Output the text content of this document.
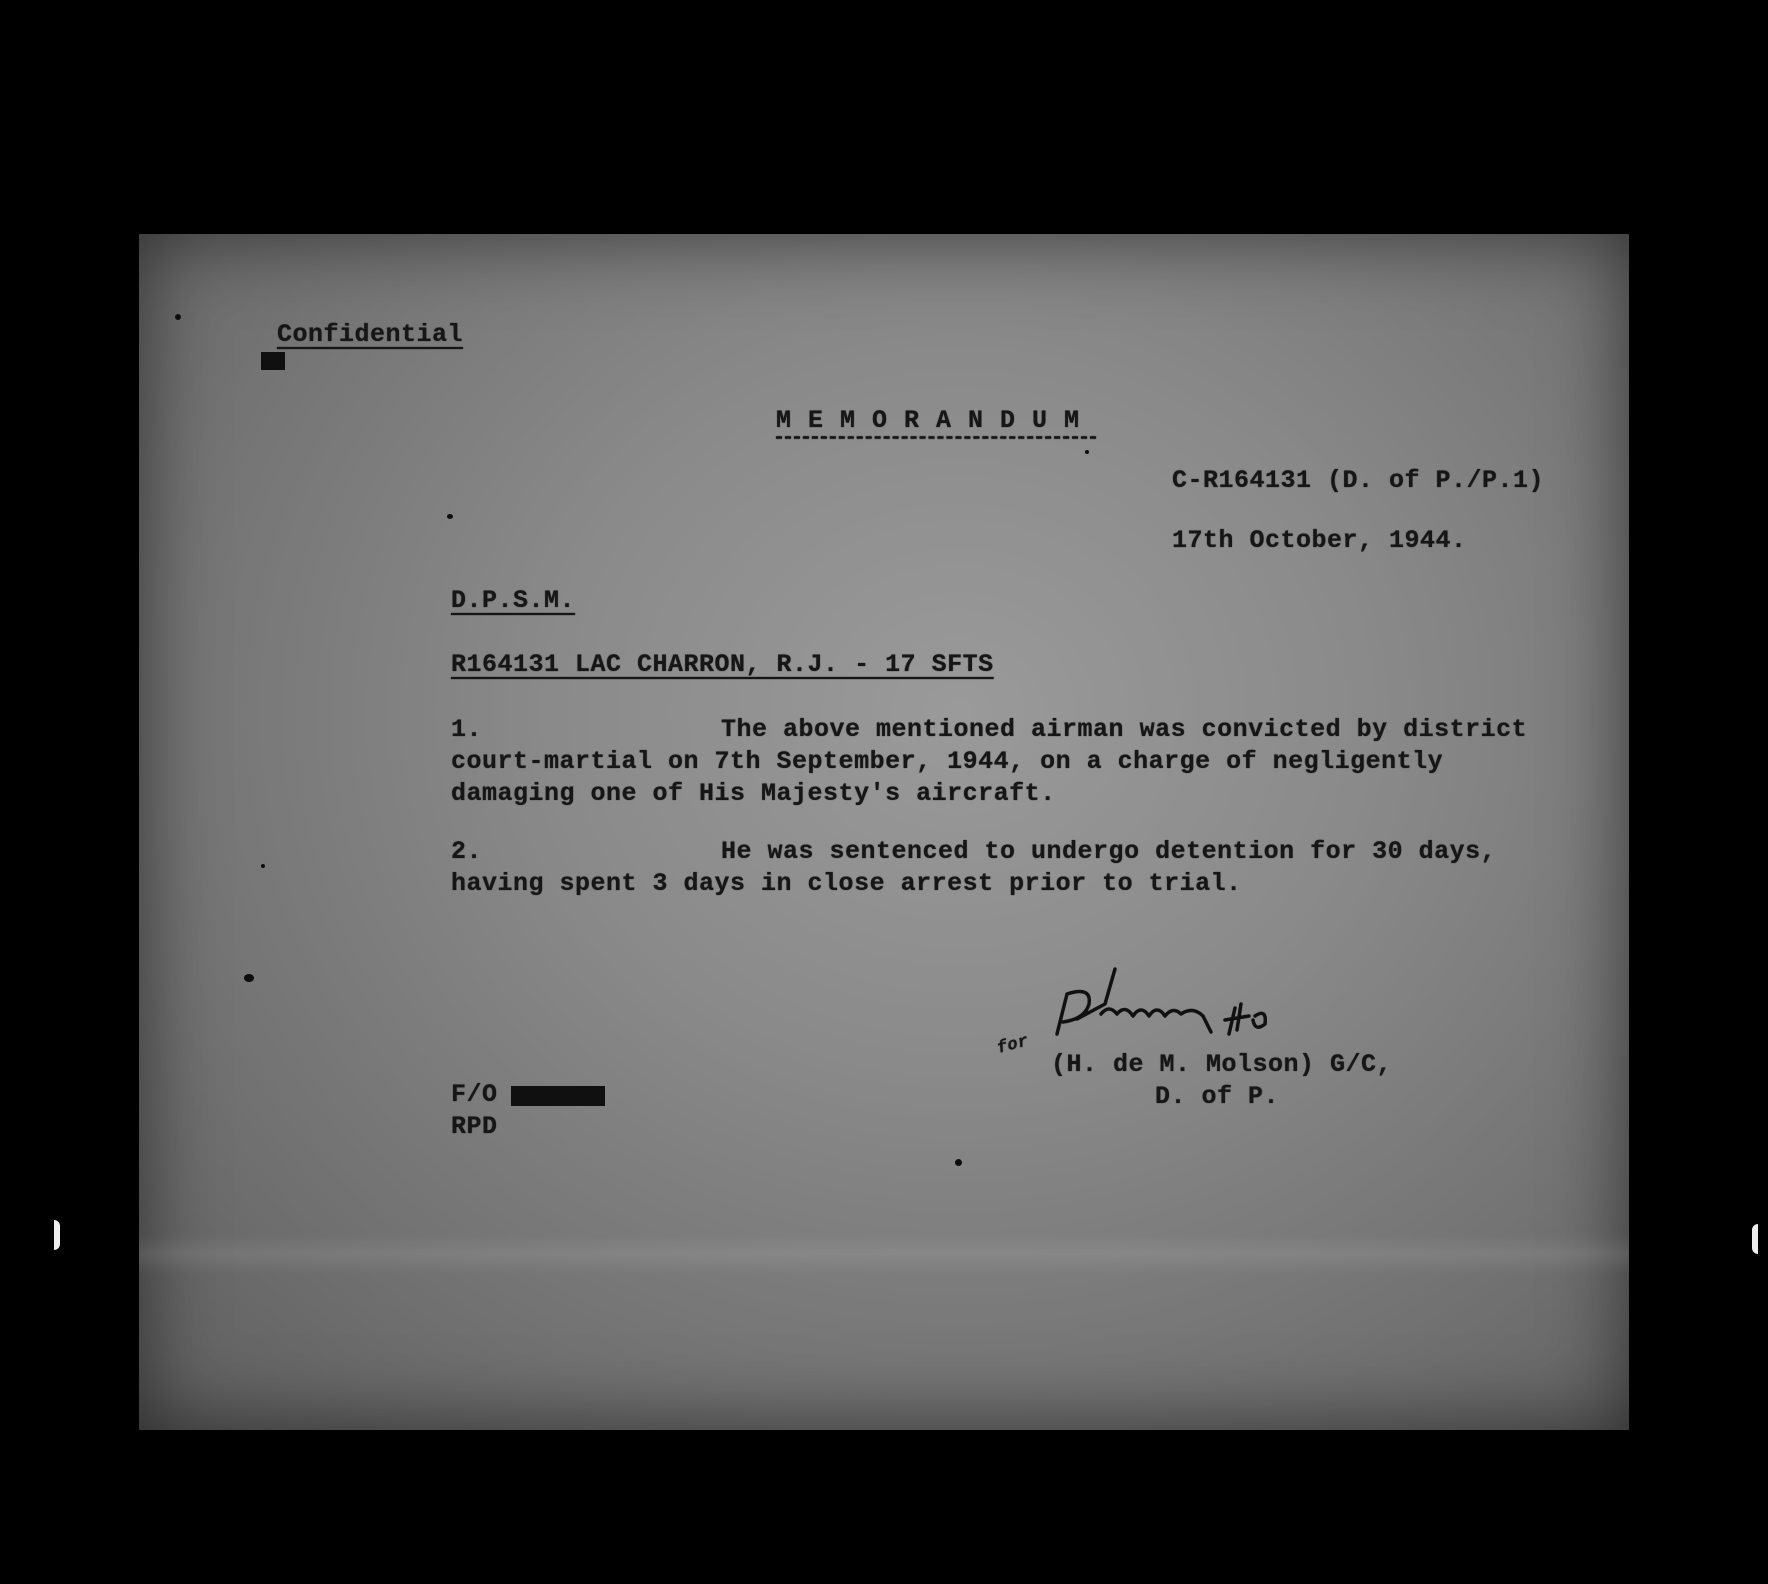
Confidential
MEMORANDUM
C-R164131 (D. of P./P.1)
17th October, 1944.
D.P.S.M.
R164131 LAC CHARRON, R.J. - 17 SFTS
1.	The above mentioned airman was convicted by district court-martial on 7th September, 1944, on a charge of negligently damaging one of His Majesty's aircraft.
2.	He was sentenced to undergo detention for 30 days, having spent 3 days in close arrest prior to trial.
for
(H. de M. Molson) G/C,
D. of P.
F/O
RPD
